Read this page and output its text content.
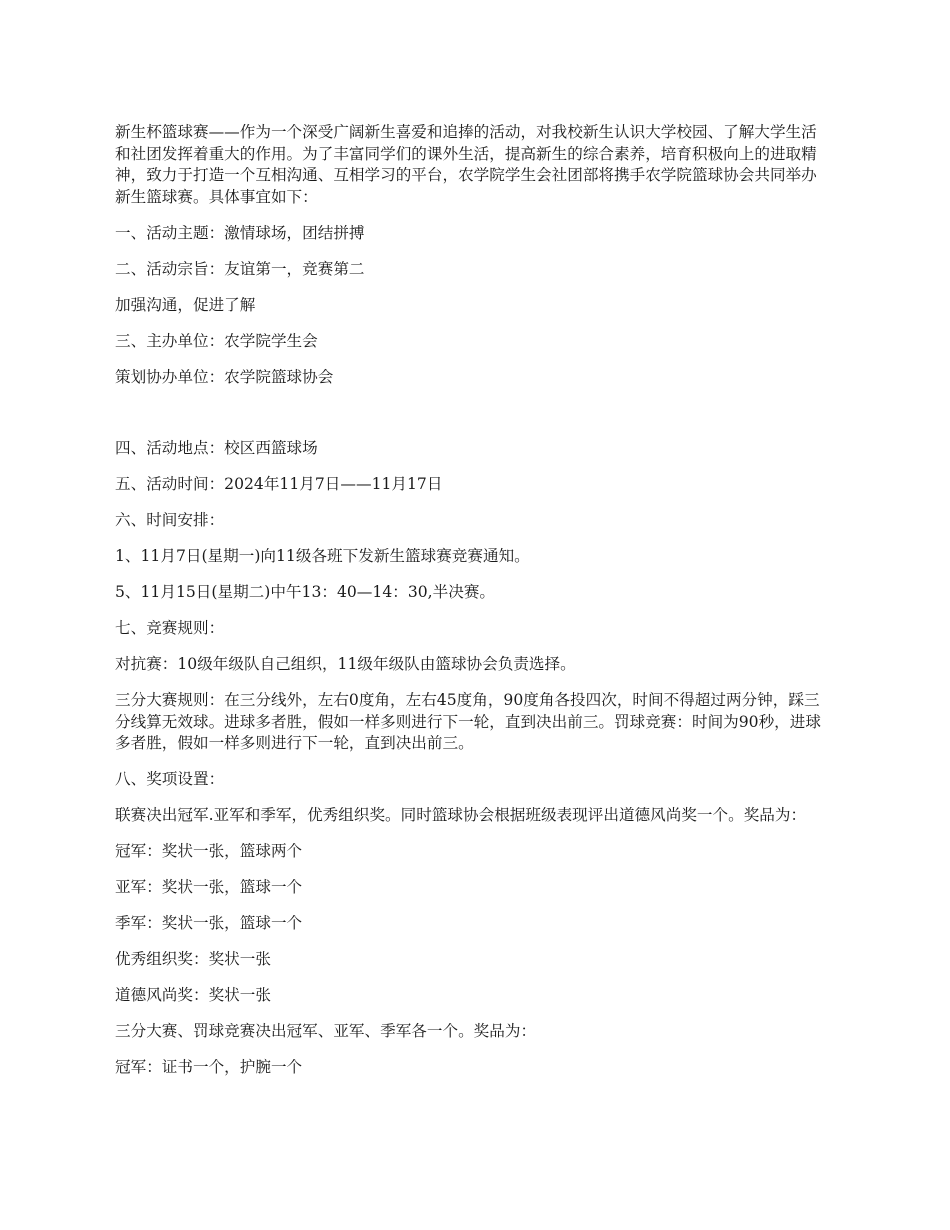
新生杯篮球赛——作为一个深受广阔新生喜爱和追捧的活动，对我校新生认识大学校园、了解大学生活和社团发挥着重大的作用。为了丰富同学们的课外生活，提高新生的综合素养，培育积极向上的进取精神，致力于打造一个互相沟通、互相学习的平台，农学院学生会社团部将携手农学院篮球协会共同举办新生篮球赛。具体事宜如下：

一、活动主题：激情球场，团结拼搏

二、活动宗旨：友谊第一，竞赛第二

加强沟通，促进了解

三、主办单位：农学院学生会

策划协办单位：农学院篮球协会

四、活动地点：校区西篮球场

五、活动时间：2024年11月7日——11月17日

六、时间安排：

1、11月7日(星期一)向11级各班下发新生篮球赛竞赛通知。

5、11月15日(星期二)中午13：40—14：30,半决赛。

七、竞赛规则：

对抗赛：10级年级队自己组织，11级年级队由篮球协会负责选择。

三分大赛规则：在三分线外，左右0度角，左右45度角，90度角各投四次，时间不得超过两分钟，踩三分线算无效球。进球多者胜，假如一样多则进行下一轮，直到决出前三。罚球竞赛：时间为90秒，进球多者胜，假如一样多则进行下一轮，直到决出前三。

八、奖项设置：

联赛决出冠军.亚军和季军，优秀组织奖。同时篮球协会根据班级表现评出道德风尚奖一个。奖品为：

冠军：奖状一张，篮球两个

亚军：奖状一张，篮球一个

季军：奖状一张，篮球一个

优秀组织奖：奖状一张

道德风尚奖：奖状一张

三分大赛、罚球竞赛决出冠军、亚军、季军各一个。奖品为：

冠军：证书一个，护腕一个
